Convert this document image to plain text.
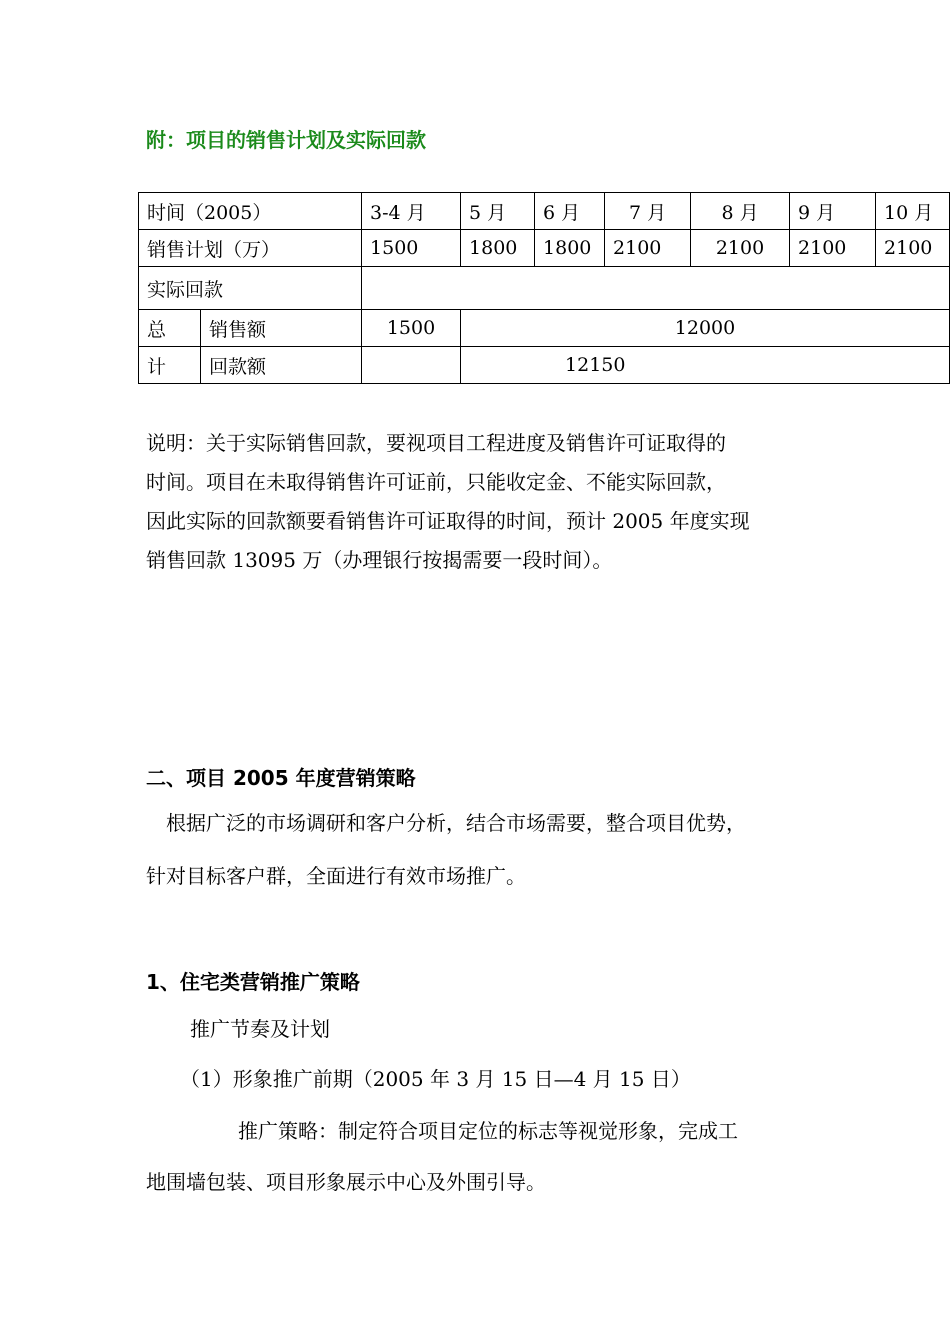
附：项目的销售计划及实际回款
时间（2005）		3-4 月	5 月	6 月	7 月	8 月	9 月	10 月
销售计划（万）		1500	1800	1800	2100	2100	2100	2100
实际回款								
总	销售额	1500	12000					
计	回款额		12150					
说明：关于实际销售回款，要视项目工程进度及销售许可证取得的
时间。项目在未取得销售许可证前，只能收定金、不能实际回款，
因此实际的回款额要看销售许可证取得的时间，预计 2005 年度实现
销售回款 13095 万（办理银行按揭需要一段时间）。
二、项目 2005 年度营销策略
根据广泛的市场调研和客户分析，结合市场需要，整合项目优势，
针对目标客户群，全面进行有效市场推广。
1、住宅类营销推广策略
推广节奏及计划
（1）形象推广前期（2005 年 3 月 15 日—4 月 15 日）
推广策略：制定符合项目定位的标志等视觉形象，完成工
地围墙包装、项目形象展示中心及外围引导。
